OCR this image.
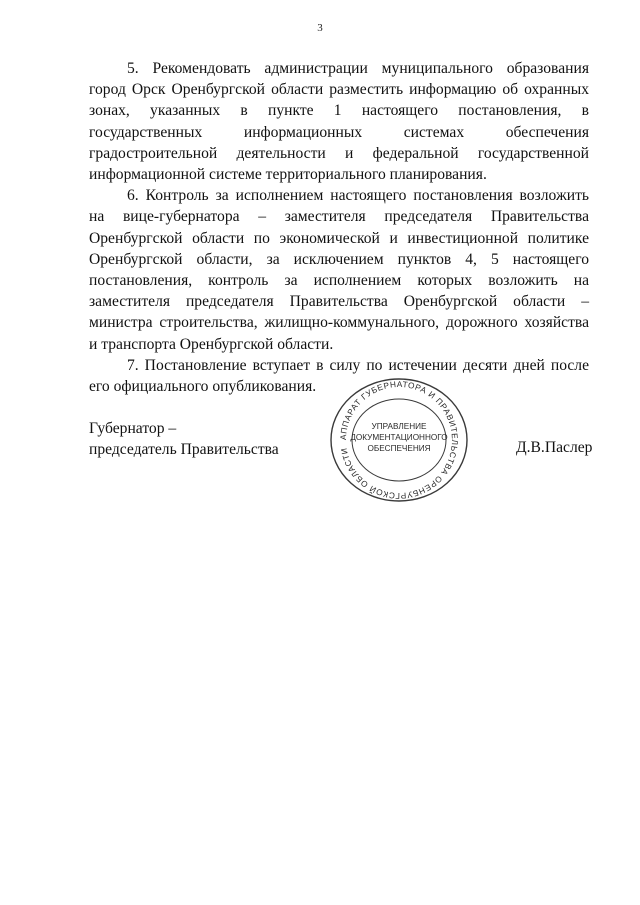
3

5. Рекомендовать администрации муниципального образования город Орск Оренбургской области разместить информацию об охранных зонах, указанных в пункте 1 настоящего постановления, в государственных информационных системах обеспечения градостроительной деятельности и федеральной государственной информационной системе территориального планирования.

6. Контроль за исполнением настоящего постановления возложить на вице-губернатора – заместителя председателя Правительства Оренбургской области по экономической и инвестиционной политике Оренбургской области, за исключением пунктов 4, 5 настоящего постановления, контроль за исполнением которых возложить на заместителя председателя Правительства Оренбургской области – министра строительства, жилищно-коммунального, дорожного хозяйства и транспорта Оренбургской области.

7. Постановление вступает в силу по истечении десяти дней после его официального опубликования.

Губернатор –
председатель Правительства
АППАРАТ ГУБЕРНАТОРА И ПРАВИТЕЛЬСТВА ОРЕНБУРГСКОЙ ОБЛАСТИ
УПРАВЛЕНИЕ
ДОКУМЕНТАЦИОННОГО
ОБЕСПЕЧЕНИЯ	Д.В.Паслер
